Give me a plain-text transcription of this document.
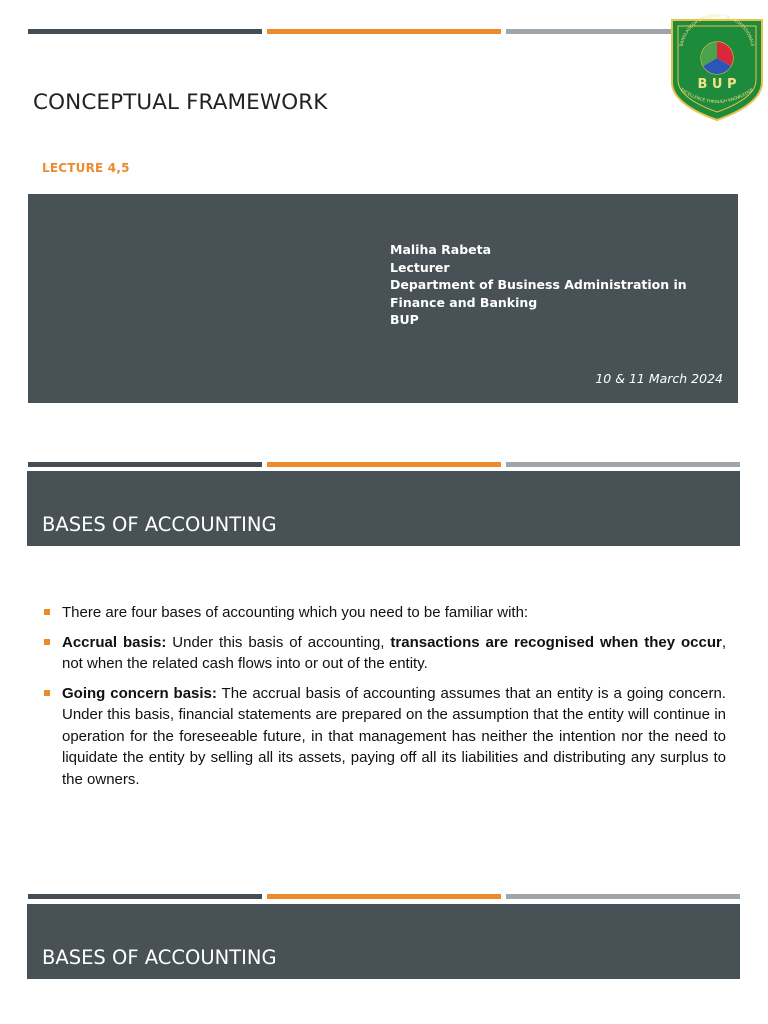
BANGLADESH UNIVERSITY OF PROFESSIONALS
B U P
EXCELLENCE THROUGH KNOWLEDGE
CONCEPTUAL FRAMEWORK
LECTURE 4,5
Maliha Rabeta
Lecturer
Department of Business Administration in
Finance and Banking
BUP
10 & 11 March 2024
BASES OF ACCOUNTING
There are four bases of accounting which you need to be familiar with:
Accrual basis: Under this basis of accounting, transactions are recognised when they occur, not when the related cash flows into or out of the entity.
Going concern basis: The accrual basis of accounting assumes that an entity is a going concern. Under this basis, financial statements are prepared on the assumption that the entity will continue in operation for the foreseeable future, in that management has neither the intention nor the need to liquidate the entity by selling all its assets, paying off all its liabilities and distributing any surplus to the owners.
BASES OF ACCOUNTING
